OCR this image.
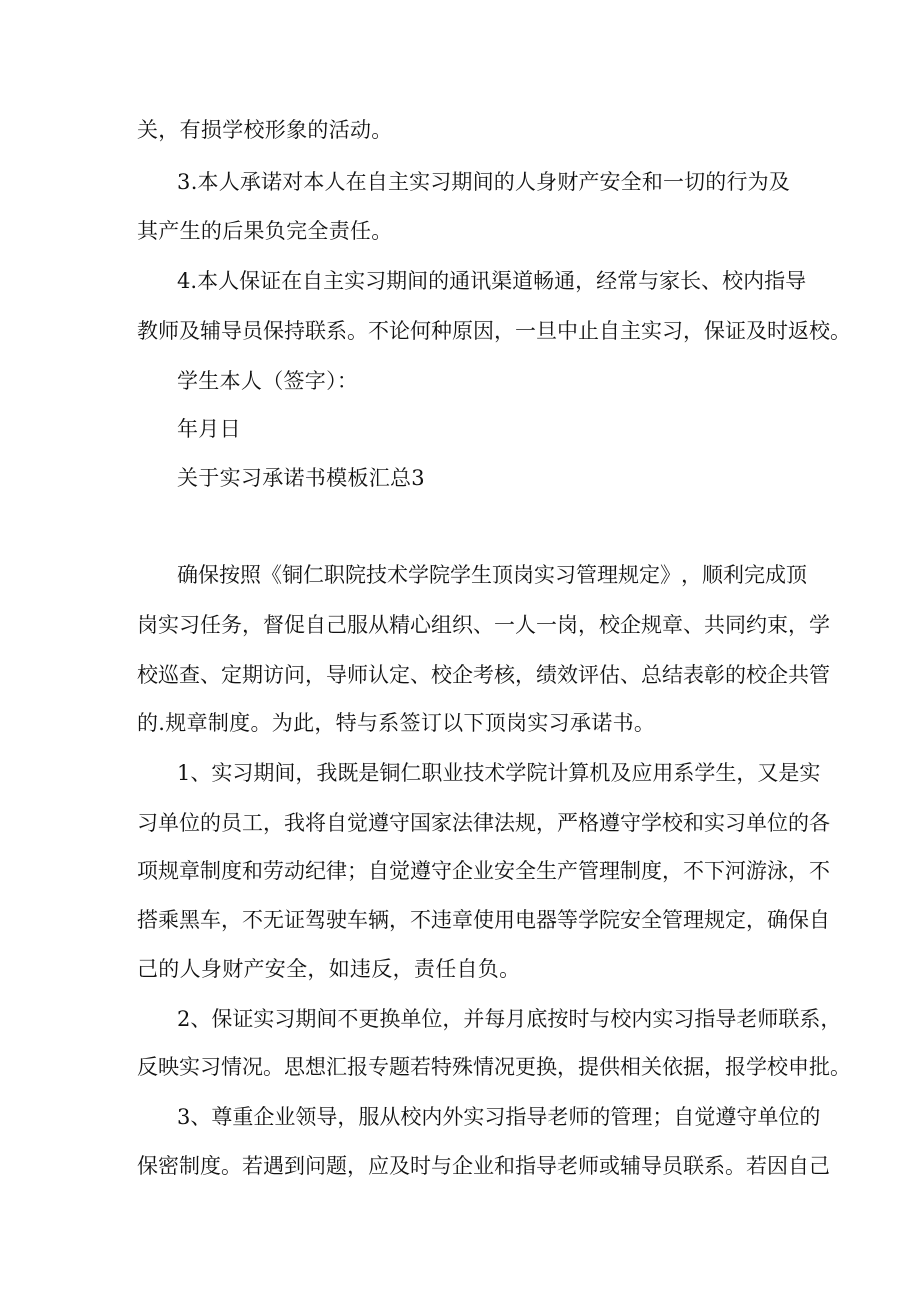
关，有损学校形象的活动。

3 . 本 人 承 诺 对 本 人 在 自 主 实 习 期 间 的 人 身 财 产 安 全 和 一 切 的 行 为 及

其产生的后果负完全责任。

4 . 本 人 保 证 在 自 主 实 习 期 间 的 通 讯 渠 道 畅 通 ， 经 常 与 家 长 、 校 内 指 导

教 师 及 辅 导 员 保 持 联 系 。 不 论 何 种 原 因 ， 一 旦 中 止 自 主 实 习 ， 保 证 及 时 返 校 。

学生本人（签字）：

年月日

关于实习承诺书模板汇总3

确 保 按 照 《 铜 仁 职 院 技 术 学 院 学 生 顶 岗 实 习 管 理 规 定 》 ， 顺 利 完 成 顶

岗 实 习 任 务 ， 督 促 自 己 服 从 精 心 组 织 、 一 人 一 岗 ， 校 企 规 章 、 共 同 约 束 ， 学

校 巡 查 、 定 期 访 问 ， 导 师 认 定 、 校 企 考 核 ， 绩 效 评 估 、 总 结 表 彰 的 校 企 共 管

的.规章制度。为此，特与系签订以下顶岗实习承诺书。

1 、 实 习 期 间 ， 我 既 是 铜 仁 职 业 技 术 学 院 计 算 机 及 应 用 系 学 生 ， 又 是 实

习 单 位 的 员 工 ， 我 将 自 觉 遵 守 国 家 法 律 法 规 ， 严 格 遵 守 学 校 和 实 习 单 位 的 各

项 规 章 制 度 和 劳 动 纪 律 ； 自 觉 遵 守 企 业 安 全 生 产 管 理 制 度 ， 不 下 河 游 泳 ， 不

搭 乘 黑 车 ， 不 无 证 驾 驶 车 辆 ， 不 违 章 使 用 电 器 等 学 院 安 全 管 理 规 定 ， 确 保 自

己的人身财产安全，如违反，责任自负。

2 、 保 证 实 习 期 间 不 更 换 单 位 ， 并 每 月 底 按 时 与 校 内 实 习 指 导 老 师 联 系 ，

反 映 实 习 情 况 。 思 想 汇 报 专 题 若 特 殊 情 况 更 换 ， 提 供 相 关 依 据 ， 报 学 校 申 批 。

3 、 尊 重 企 业 领 导 ， 服 从 校 内 外 实 习 指 导 老 师 的 管 理 ； 自 觉 遵 守 单 位 的

保 密 制 度 。 若 遇 到 问 题 ， 应 及 时 与 企 业 和 指 导 老 师 或 辅 导 员 联 系 。 若 因 自 己
